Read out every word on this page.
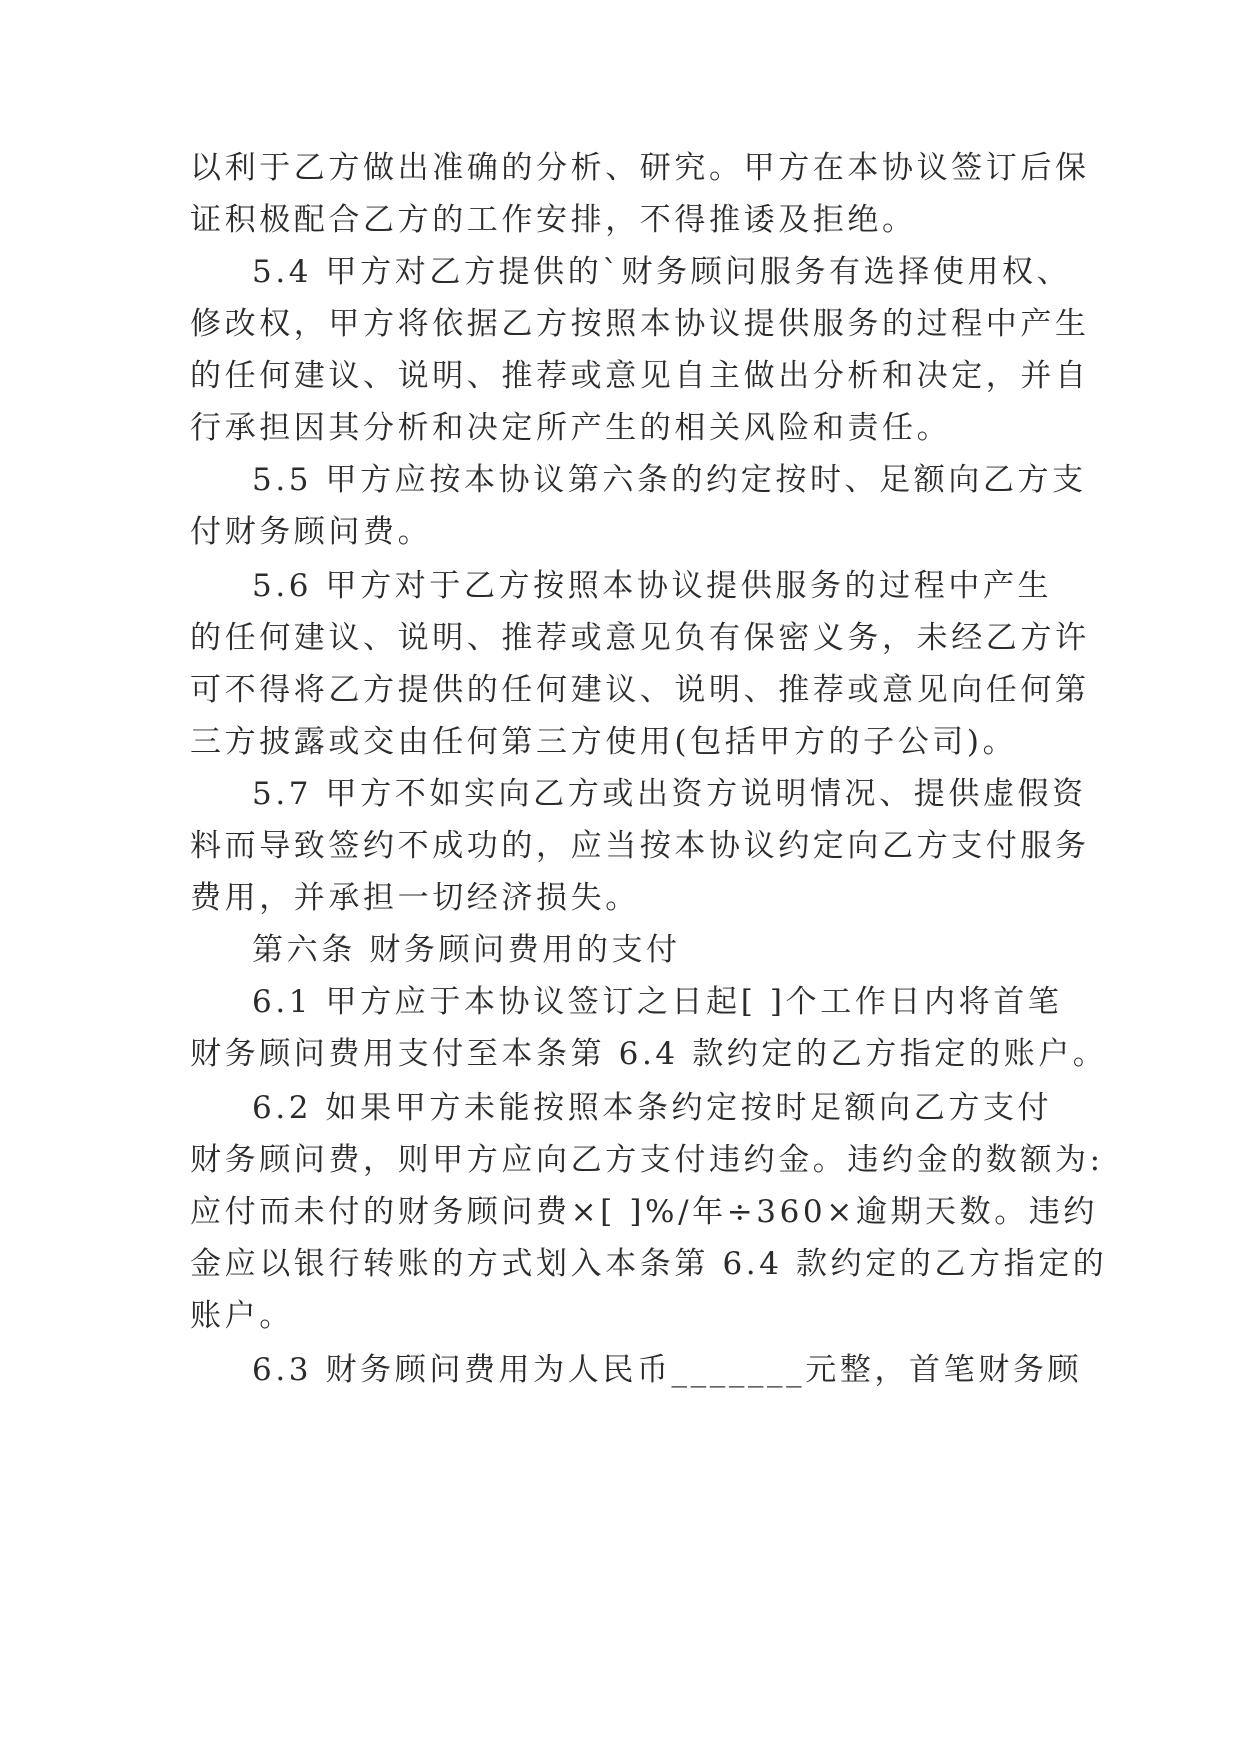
以利于乙方做出准确的分析、研究。甲方在本协议签订后保
证积极配合乙方的工作安排，不得推诿及拒绝。
5.4 甲方对乙方提供的`财务顾问服务有选择使用权、
修改权，甲方将依据乙方按照本协议提供服务的过程中产生
的任何建议、说明、推荐或意见自主做出分析和决定，并自
行承担因其分析和决定所产生的相关风险和责任。
5.5 甲方应按本协议第六条的约定按时、足额向乙方支
付财务顾问费。
5.6 甲方对于乙方按照本协议提供服务的过程中产生
的任何建议、说明、推荐或意见负有保密义务，未经乙方许
可不得将乙方提供的任何建议、说明、推荐或意见向任何第
三方披露或交由任何第三方使用(包括甲方的子公司)。
5.7 甲方不如实向乙方或出资方说明情况、提供虚假资
料而导致签约不成功的，应当按本协议约定向乙方支付服务
费用，并承担一切经济损失。
第六条 财务顾问费用的支付
6.1 甲方应于本协议签订之日起[ ]个工作日内将首笔
财务顾问费用支付至本条第 6.4 款约定的乙方指定的账户。
6.2 如果甲方未能按照本条约定按时足额向乙方支付
财务顾问费，则甲方应向乙方支付违约金。违约金的数额为:
应付而未付的财务顾问费×[ ]%/年÷360×逾期天数。违约
金应以银行转账的方式划入本条第 6.4 款约定的乙方指定的
账户。
6.3 财务顾问费用为人民币_______元整，首笔财务顾
